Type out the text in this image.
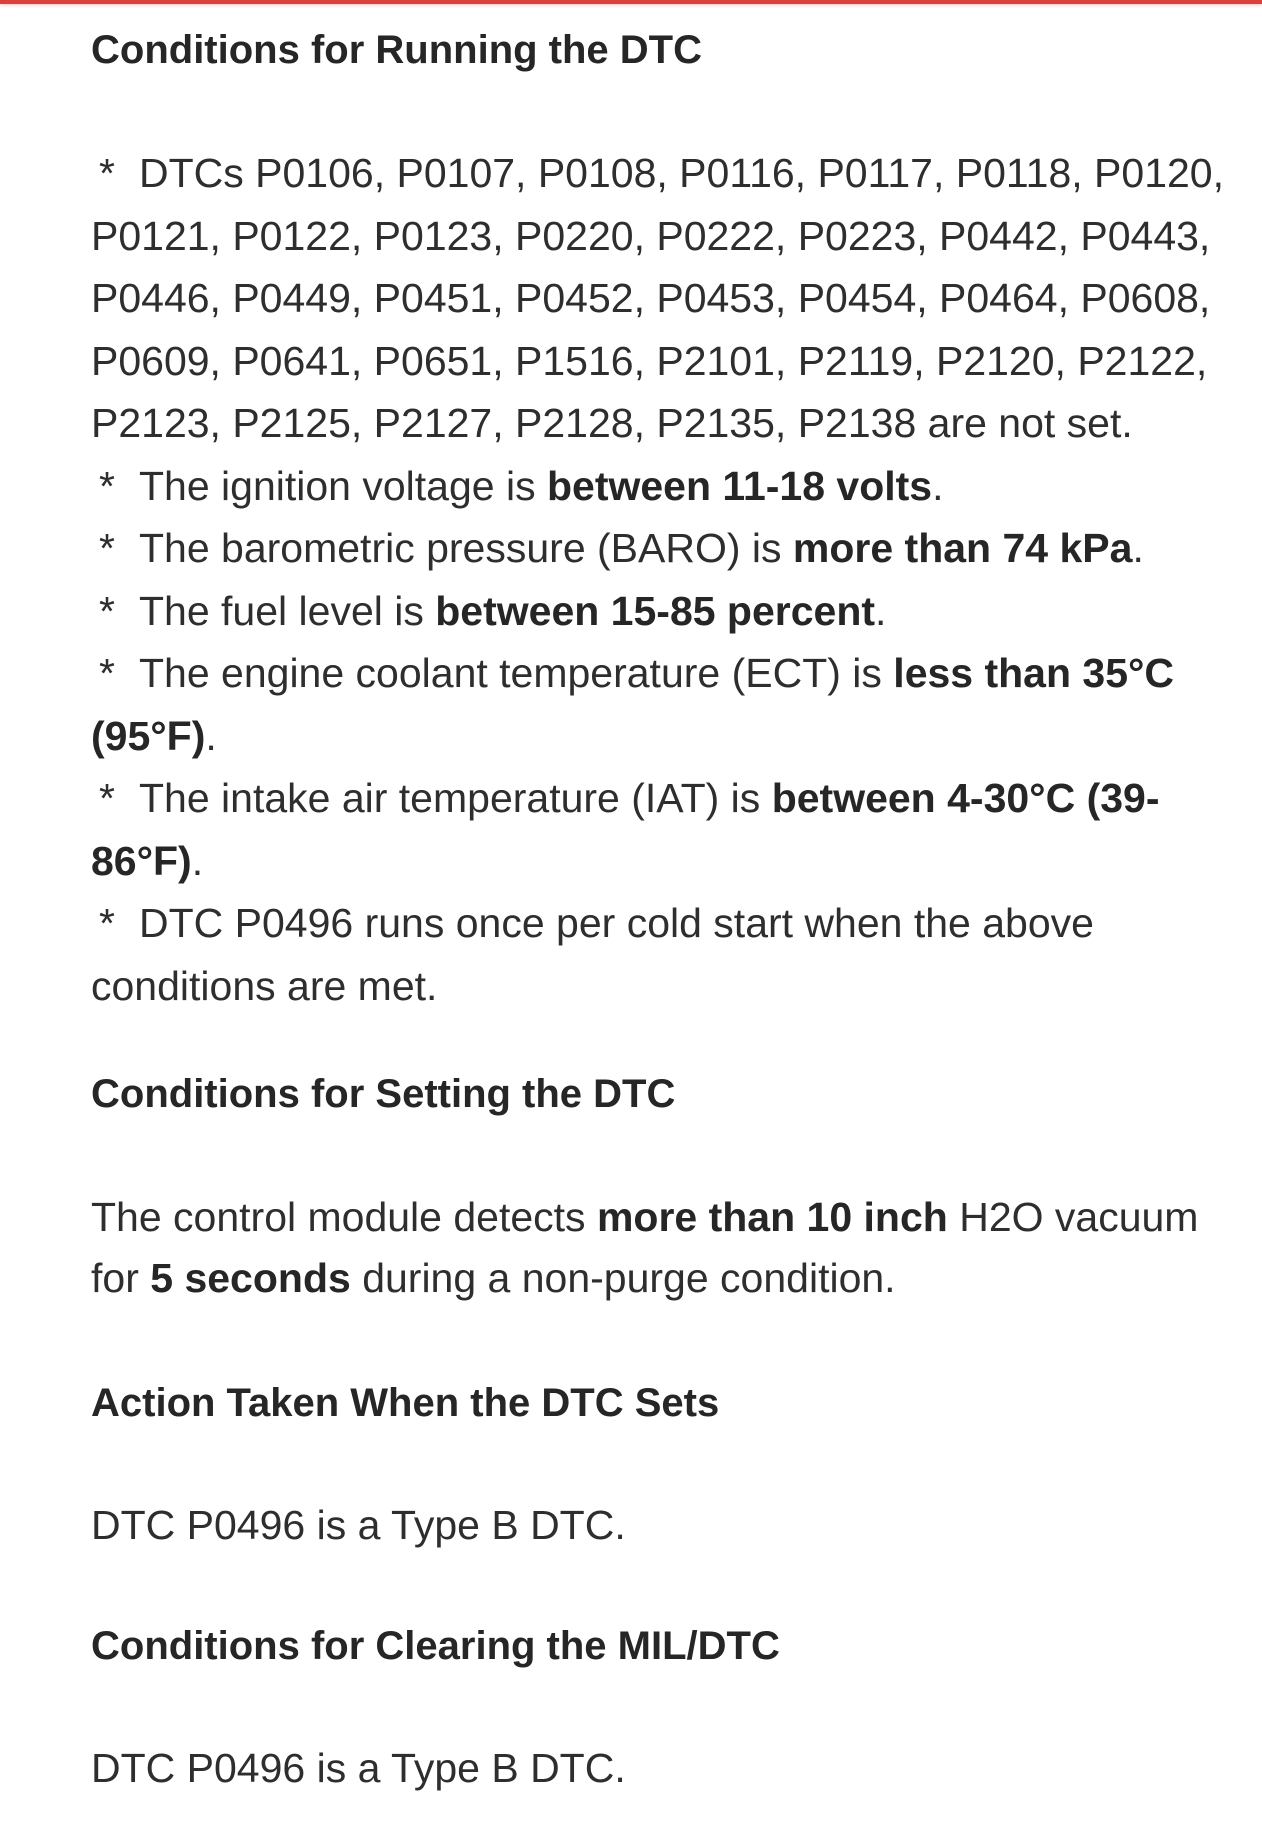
Conditions for Running the DTC
* DTCs P0106, P0107, P0108, P0116, P0117, P0118, P0120, P0121, P0122, P0123, P0220, P0222, P0223, P0442, P0443, P0446, P0449, P0451, P0452, P0453, P0454, P0464, P0608, P0609, P0641, P0651, P1516, P2101, P2119, P2120, P2122, P2123, P2125, P2127, P2128, P2135, P2138 are not set.
* The ignition voltage is between 11-18 volts.
* The barometric pressure (BARO) is more than 74 kPa.
* The fuel level is between 15-85 percent.
* The engine coolant temperature (ECT) is less than 35°C (95°F).
* The intake air temperature (IAT) is between 4-30°C (39-86°F).
* DTC P0496 runs once per cold start when the above conditions are met.
Conditions for Setting the DTC
The control module detects more than 10 inch H2O vacuum for 5 seconds during a non-purge condition.
Action Taken When the DTC Sets
DTC P0496 is a Type B DTC.
Conditions for Clearing the MIL/DTC
DTC P0496 is a Type B DTC.
